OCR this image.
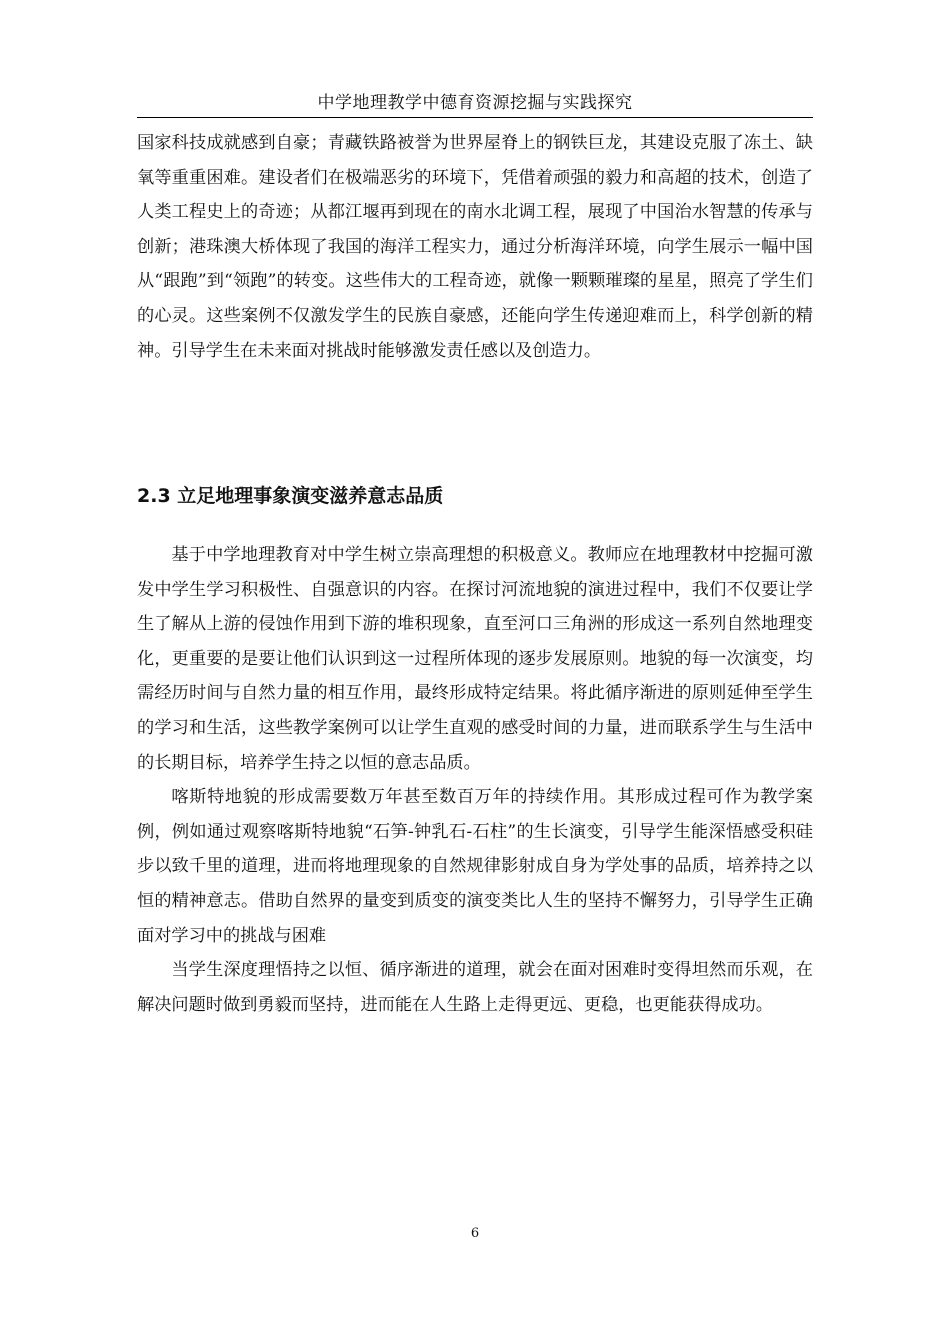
中学地理教学中德育资源挖掘与实践探究

国家科技成就感到自豪；青藏铁路被誉为世界屋脊上的钢铁巨龙，其建设克服了冻土、缺氧等重重困难。建设者们在极端恶劣的环境下，凭借着顽强的毅力和高超的技术，创造了人类工程史上的奇迹；从都江堰再到现在的南水北调工程，展现了中国治水智慧的传承与创新；港珠澳大桥体现了我国的海洋工程实力，通过分析海洋环境，向学生展示一幅中国从“跟跑”到“领跑”的转变。这些伟大的工程奇迹，就像一颗颗璀璨的星星，照亮了学生们的心灵。这些案例不仅激发学生的民族自豪感，还能向学生传递迎难而上，科学创新的精神。引导学生在未来面对挑战时能够激发责任感以及创造力。

2.3 立足地理事象演变滋养意志品质

基于中学地理教育对中学生树立崇高理想的积极意义。教师应在地理教材中挖掘可激发中学生学习积极性、自强意识的内容。在探讨河流地貌的演进过程中，我们不仅要让学生了解从上游的侵蚀作用到下游的堆积现象，直至河口三角洲的形成这一系列自然地理变化，更重要的是要让他们认识到这一过程所体现的逐步发展原则。地貌的每一次演变，均需经历时间与自然力量的相互作用，最终形成特定结果。将此循序渐进的原则延伸至学生的学习和生活，这些教学案例可以让学生直观的感受时间的力量，进而联系学生与生活中的长期目标，培养学生持之以恒的意志品质。

喀斯特地貌的形成需要数万年甚至数百万年的持续作用。其形成过程可作为教学案例，例如通过观察喀斯特地貌“石笋-钟乳石-石柱”的生长演变，引导学生能深悟感受积硅步以致千里的道理，进而将地理现象的自然规律影射成自身为学处事的品质，培养持之以恒的精神意志。借助自然界的量变到质变的演变类比人生的坚持不懈努力，引导学生正确面对学习中的挑战与困难

当学生深度理悟持之以恒、循序渐进的道理，就会在面对困难时变得坦然而乐观，在解决问题时做到勇毅而坚持，进而能在人生路上走得更远、更稳，也更能获得成功。

6
